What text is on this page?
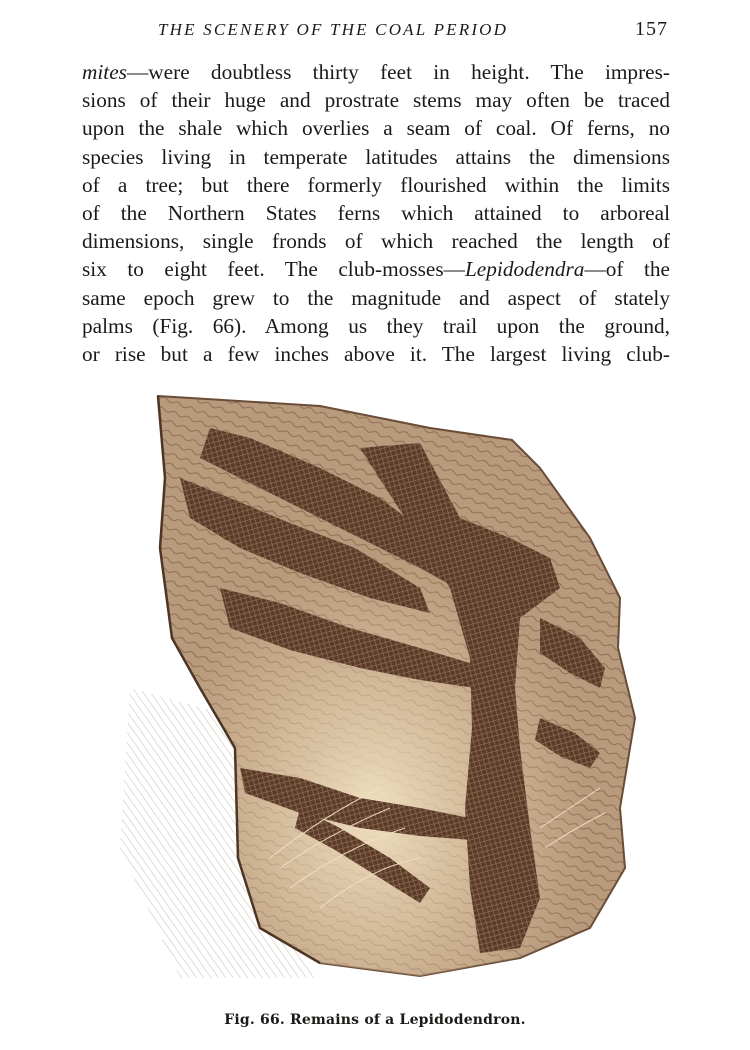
THE SCENERY OF THE COAL PERIOD	157
mites—were doubtless thirty feet in height. The impres-
sions of their huge and prostrate stems may often be traced
upon the shale which overlies a seam of coal. Of ferns, no
species living in temperate latitudes attains the dimensions
of a tree; but there formerly flourished within the limits
of the Northern States ferns which attained to arboreal
dimensions, single fronds of which reached the length of
six to eight feet. The club-mosses—Lepidodendra—of the
same epoch grew to the magnitude and aspect of stately
palms (Fig. 66). Among us they trail upon the ground,
or rise but a few inches above it. The largest living club-
Fig. 66. Remains of a Lepidodendron.
